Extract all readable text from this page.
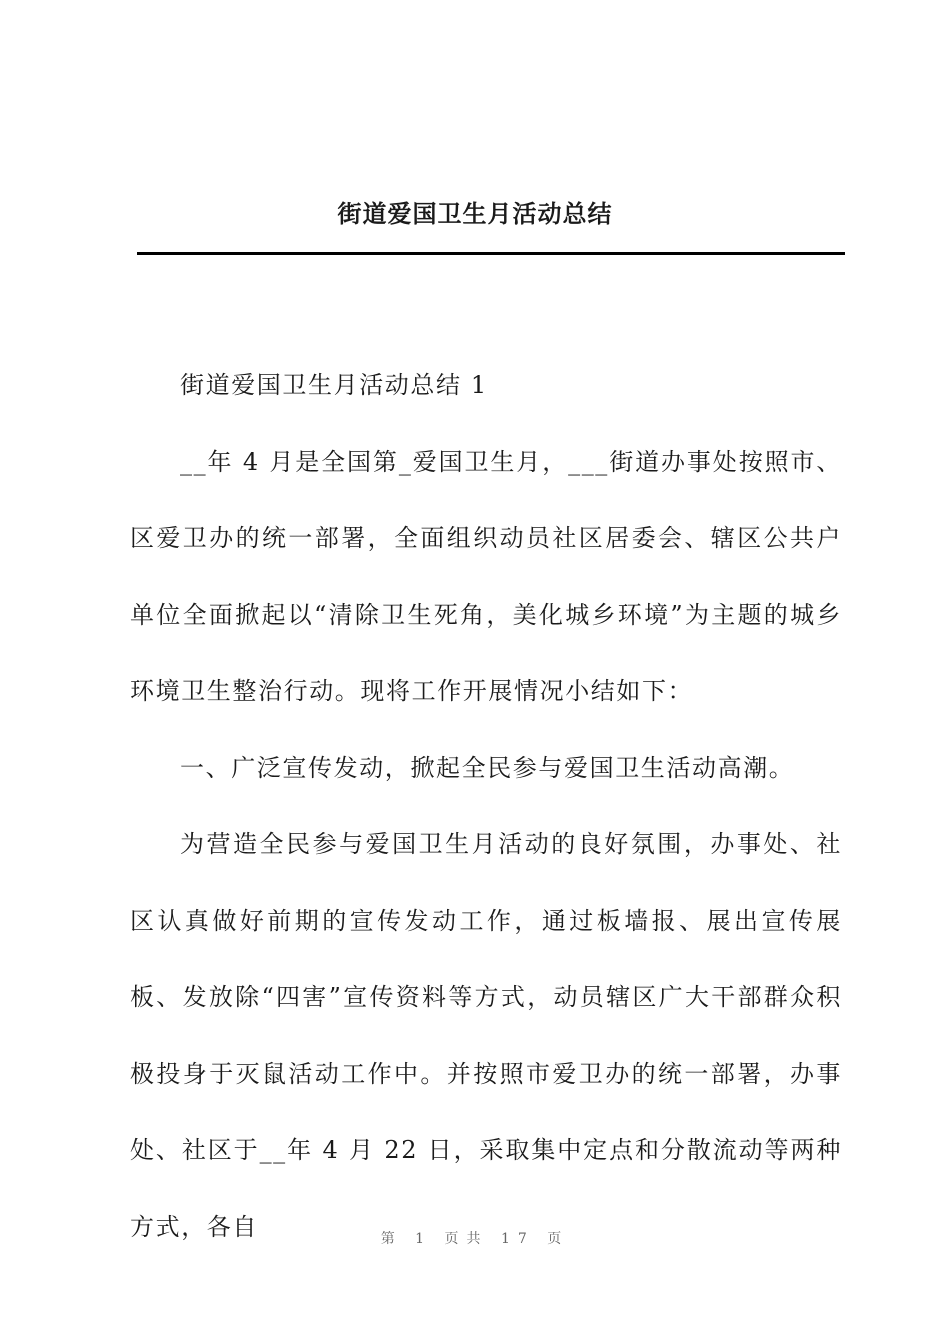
街道爱国卫生月活动总结

街道爱国卫生月活动总结 1

__年 4 月是全国第_爱国卫生月，___街道办事处按照市、区爱卫办的统一部署，全面组织动员社区居委会、辖区公共户单位全面掀起以“清除卫生死角，美化城乡环境”为主题的城乡环境卫生整治行动。现将工作开展情况小结如下：

一、广泛宣传发动，掀起全民参与爱国卫生活动高潮。

为营造全民参与爱国卫生月活动的良好氛围，办事处、社区认真做好前期的宣传发动工作，通过板墙报、展出宣传展板、发放除“四害”宣传资料等方式，动员辖区广大干部群众积极投身于灭鼠活动工作中。并按照市爱卫办的统一部署，办事处、社区于__年 4 月 22 日，采取集中定点和分散流动等两种方式，各自	第 1 页共 17 页
